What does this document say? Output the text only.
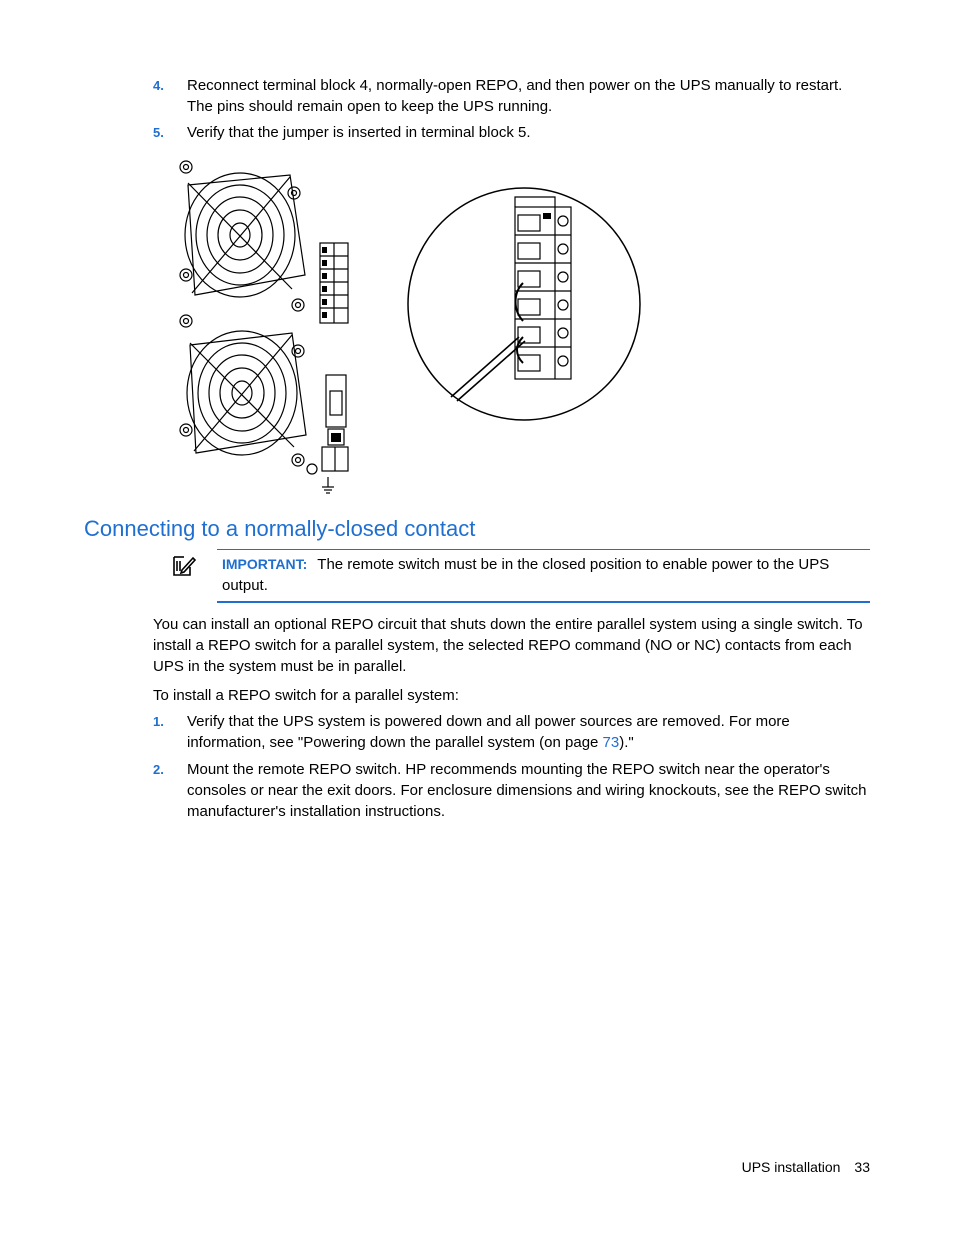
4. Reconnect terminal block 4, normally-open REPO, and then power on the UPS manually to restart. The pins should remain open to keep the UPS running.
5. Verify that the jumper is inserted in terminal block 5.
Connecting to a normally-closed contact
IMPORTANT: The remote switch must be in the closed position to enable power to the UPS output.
You can install an optional REPO circuit that shuts down the entire parallel system using a single switch. To install a REPO switch for a parallel system, the selected REPO command (NO or NC) contacts from each UPS in the system must be in parallel.
To install a REPO switch for a parallel system:
1. Verify that the UPS system is powered down and all power sources are removed. For more information, see "Powering down the parallel system (on page 73)."
2. Mount the remote REPO switch. HP recommends mounting the REPO switch near the operator's consoles or near the exit doors. For enclosure dimensions and wiring knockouts, see the REPO switch manufacturer's installation instructions.
UPS installation 33
